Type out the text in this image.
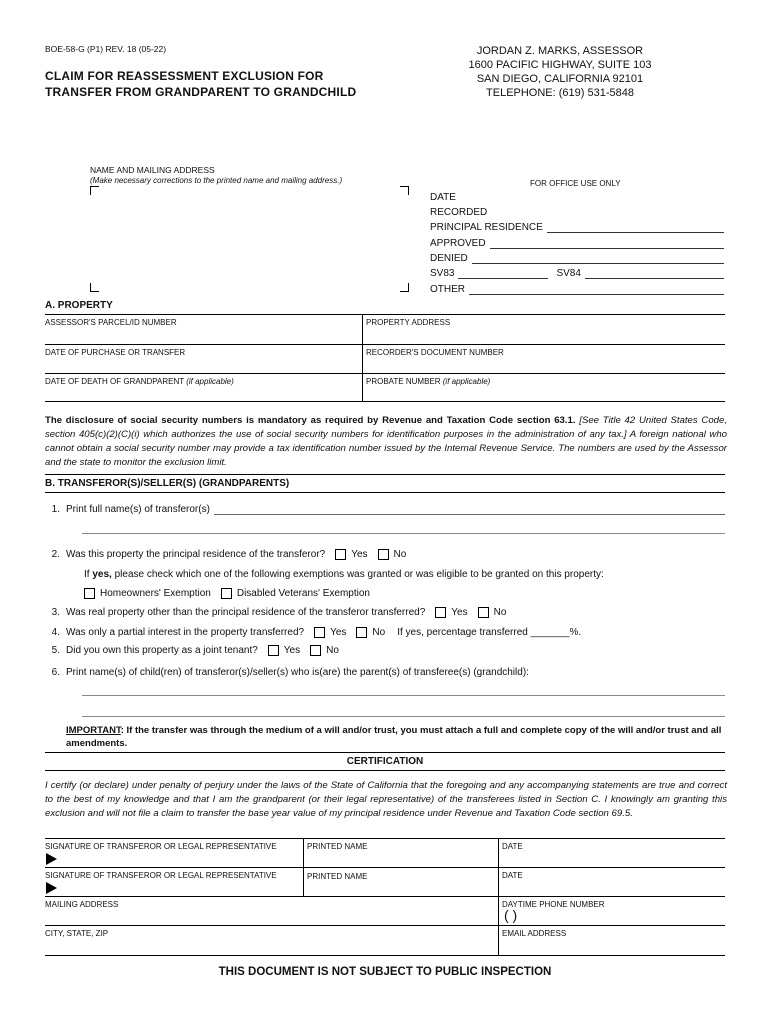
BOE-58-G (P1) REV. 18 (05-22)
CLAIM FOR REASSESSMENT EXCLUSION FOR
TRANSFER FROM GRANDPARENT TO GRANDCHILD
JORDAN Z. MARKS, ASSESSOR
1600 PACIFIC HIGHWAY, SUITE 103
SAN DIEGO, CALIFORNIA 92101
TELEPHONE: (619) 531-5848
NAME AND MAILING ADDRESS
(Make necessary corrections to the printed name and mailing address.)	FOR OFFICE USE ONLY
DATE
RECORDED
PRINCIPAL RESIDENCE
APPROVED
DENIED
SV83	SV84
OTHER
A. PROPERTY
ASSESSOR'S PARCEL/ID NUMBER	PROPERTY ADDRESS
DATE OF PURCHASE OR TRANSFER	RECORDER'S DOCUMENT NUMBER
DATE OF DEATH OF GRANDPARENT (if applicable)	PROBATE NUMBER (if applicable)
The disclosure of social security numbers is mandatory as required by Revenue and Taxation Code section 63.1. [See Title 42 United States Code, section 405(c)(2)(C)(i) which authorizes the use of social security numbers for identification purposes in the administration of any tax.] A foreign national who cannot obtain a social security number may provide a tax identification number issued by the Internal Revenue Service. The numbers are used by the Assessor and the state to monitor the exclusion limit.
B. TRANSFEROR(S)/SELLER(S) (GRANDPARENTS)
1. Print full name(s) of transferor(s)
2. Was this property the principal residence of the transferor?	Yes	No
If
yes,
please check which one of the following exemptions was granted or was eligible to be granted on this property:
Homeowners' Exemption	Disabled Veterans' Exemption
3. Was real property other than the principal residence of the transferor transferred?	Yes	No
4. Was only a partial interest in the property transferred?	Yes	No If yes, percentage transferred _______%.
5. Did you own this property as a joint tenant?	Yes	No
6. Print name(s) of child(ren) of transferor(s)/seller(s) who is(are) the parent(s) of transferee(s) (grandchild):
IMPORTANT: If the transfer was through the medium of a will and/or trust, you must attach a full and complete copy of the will and/or trust and all amendments.
CERTIFICATION
I certify (or declare) under penalty of perjury under the laws of the State of California that the foregoing and any accompanying statements are true and correct to the best of my knowledge and that I am the grandparent (or their legal representative) of the transferees listed in Section C. I knowingly am granting this exclusion and will not file a claim to transfer the base year value of my principal residence under Revenue and Taxation Code section 69.5.
SIGNATURE OF TRANSFEROR OR LEGAL REPRESENTATIVE	PRINTED NAME	DATE
SIGNATURE OF TRANSFEROR OR LEGAL REPRESENTATIVE	PRINTED NAME	DATE
MAILING ADDRESS	DAYTIME PHONE NUMBER
( )
CITY, STATE, ZIP	EMAIL ADDRESS
THIS DOCUMENT IS NOT SUBJECT TO PUBLIC INSPECTION
